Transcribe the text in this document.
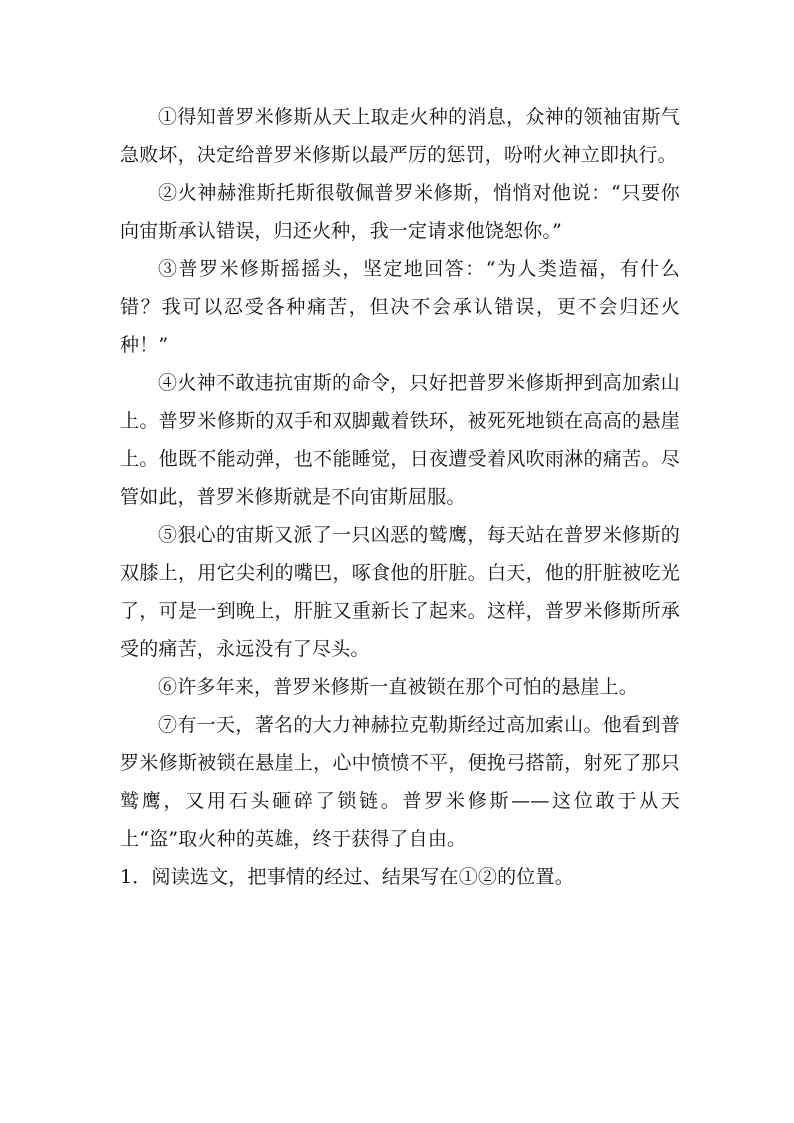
①得知普罗米修斯从天上取走火种的消息，众神的领袖宙斯气急败坏，决定给普罗米修斯以最严厉的惩罚，吩咐火神立即执行。

②火神赫淮斯托斯很敬佩普罗米修斯，悄悄对他说：“只要你向宙斯承认错误，归还火种，我一定请求他饶恕你。”

③普罗米修斯摇摇头，坚定地回答：“为人类造福，有什么错？我可以忍受各种痛苦，但决不会承认错误，更不会归还火种！”

④火神不敢违抗宙斯的命令，只好把普罗米修斯押到高加索山上。普罗米修斯的双手和双脚戴着铁环，被死死地锁在高高的悬崖上。他既不能动弹，也不能睡觉，日夜遭受着风吹雨淋的痛苦。尽管如此，普罗米修斯就是不向宙斯屈服。

⑤狠心的宙斯又派了一只凶恶的鹫鹰，每天站在普罗米修斯的双膝上，用它尖利的嘴巴，啄食他的肝脏。白天，他的肝脏被吃光了，可是一到晚上，肝脏又重新长了起来。这样，普罗米修斯所承受的痛苦，永远没有了尽头。

⑥许多年来，普罗米修斯一直被锁在那个可怕的悬崖上。

⑦有一天，著名的大力神赫拉克勒斯经过高加索山。他看到普罗米修斯被锁在悬崖上，心中愤愤不平，便挽弓搭箭，射死了那只鹫鹰，又用石头砸碎了锁链。普罗米修斯——这位敢于从天上“盗”取火种的英雄，终于获得了自由。

1．阅读选文，把事情的经过、结果写在①②的位置。
